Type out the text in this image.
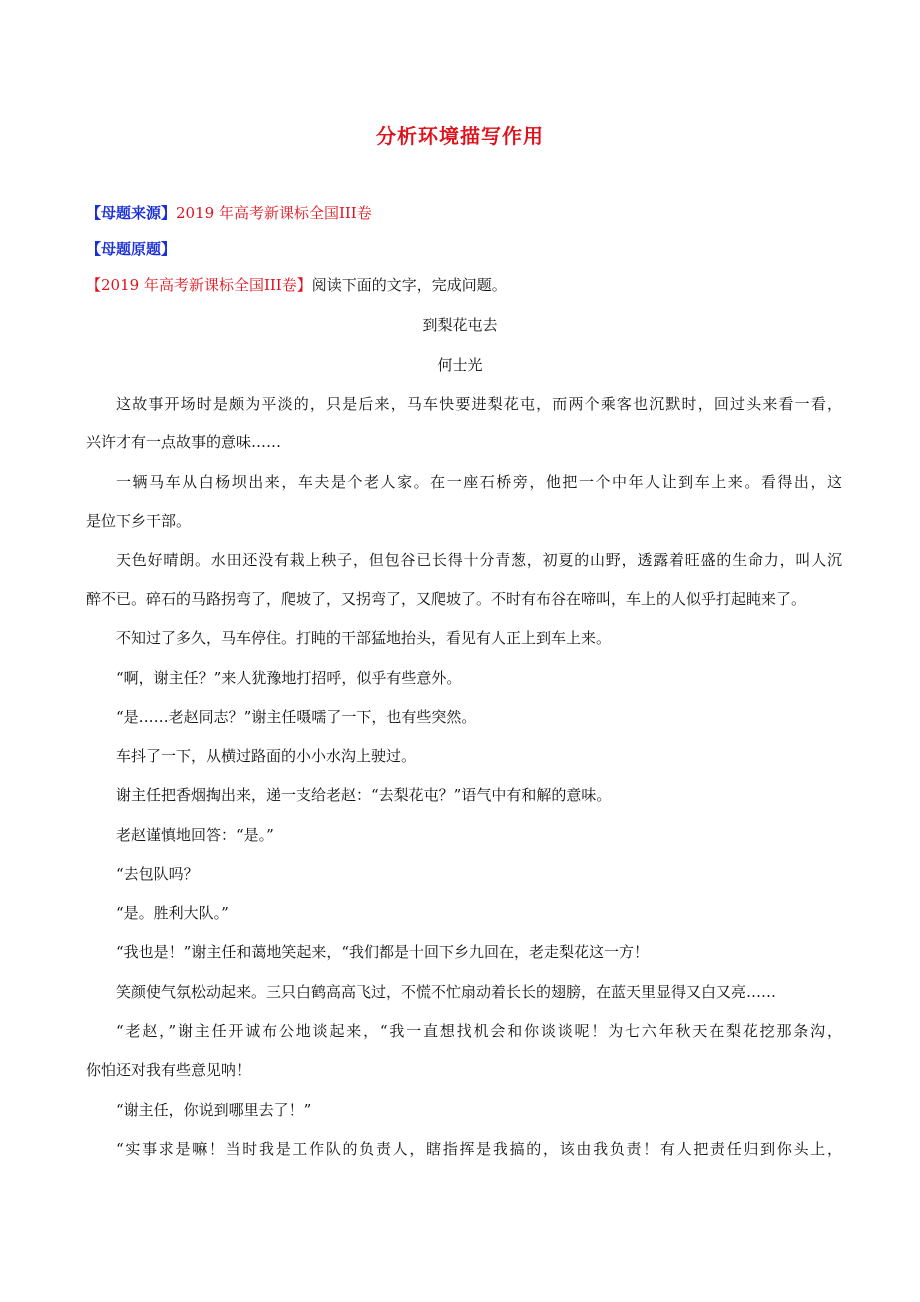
分析环境描写作用
【母题来源】2019 年高考新课标全国III卷
【母题原题】
【2019 年高考新课标全国III卷】阅读下面的文字，完成问题。
到梨花屯去
何士光
这故事开场时是颇为平淡的，只是后来，马车快要进梨花屯，而两个乘客也沉默时，回过头来看一看，
兴许才有一点故事的意味……
一辆马车从白杨坝出来，车夫是个老人家。在一座石桥旁，他把一个中年人让到车上来。看得出，这
是位下乡干部。
天色好晴朗。水田还没有栽上秧子，但包谷已长得十分青葱，初夏的山野，透露着旺盛的生命力，叫人沉
醉不已。碎石的马路拐弯了，爬坡了，又拐弯了，又爬坡了。不时有布谷在啼叫，车上的人似乎打起盹来了。
不知过了多久，马车停住。打盹的干部猛地抬头，看见有人正上到车上来。
“啊，谢主任？”来人犹豫地打招呼，似乎有些意外。
“是……老赵同志？”谢主任嗫嚅了一下，也有些突然。
车抖了一下，从横过路面的小小水沟上驶过。
谢主任把香烟掏出来，递一支给老赵：“去梨花屯？”语气中有和解的意味。
老赵谨慎地回答：“是。”
“去包队吗？
“是。胜利大队。”
“我也是！”谢主任和蔼地笑起来，“我们都是十回下乡九回在，老走梨花这一方！
笑颜使气氛松动起来。三只白鹤高高飞过，不慌不忙扇动着长长的翅膀，在蓝天里显得又白又亮……
“老赵，”谢主任开诚布公地谈起来，“我一直想找机会和你谈谈呢！为七六年秋天在梨花挖那条沟，
你怕还对我有些意见呐！
“谢主任，你说到哪里去了！”
“实事求是嘛！当时我是工作队的负责人，瞎指挥是我搞的，该由我负责！有人把责任归到你头上，
